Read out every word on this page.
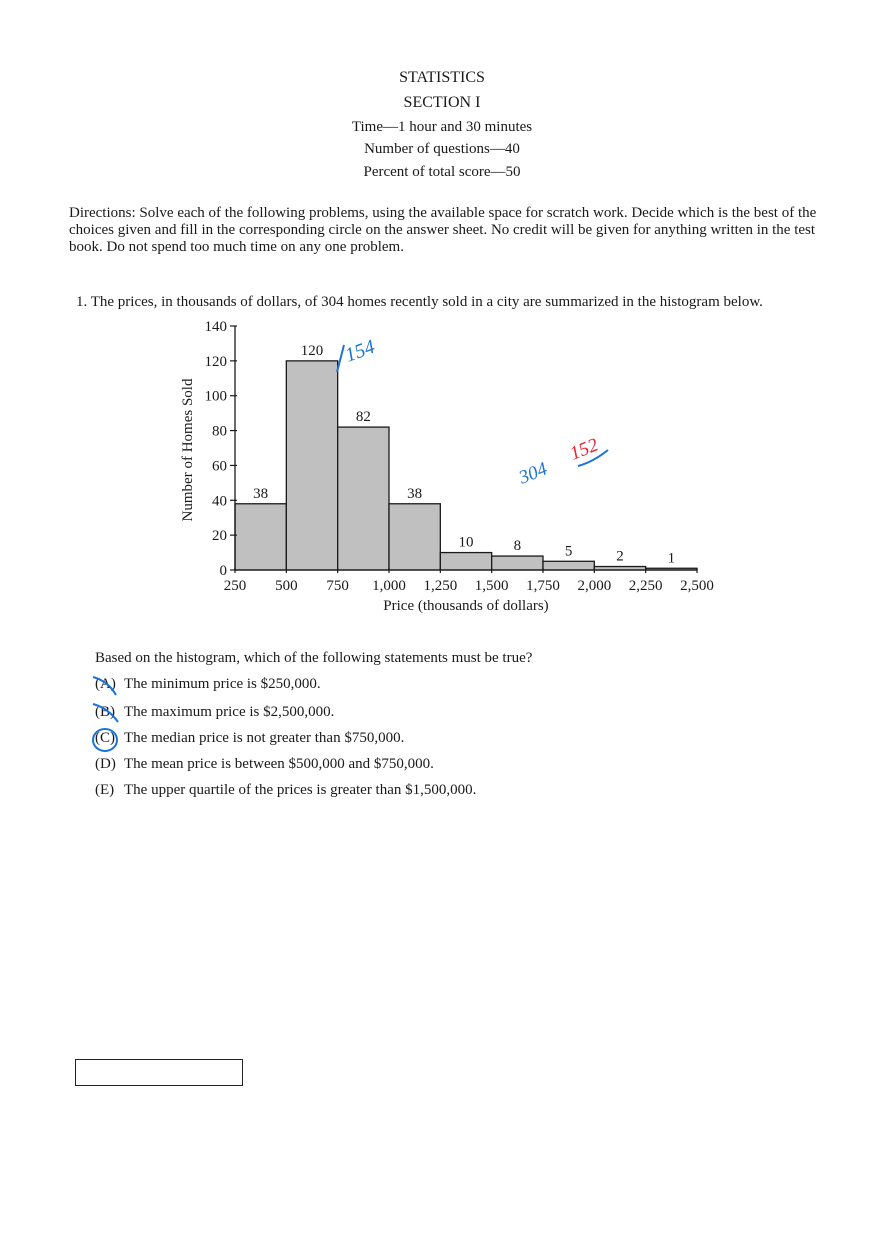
STATISTICS
SECTION I
Time—1 hour and 30 minutes
Number of questions—40
Percent of total score—50
Directions: Solve each of the following problems, using the available space for scratch work. Decide which is the best of the choices given and fill in the corresponding circle on the answer sheet. No credit will be given for anything written in the test book. Do not spend too much time on any one problem.
1. The prices, in thousands of dollars, of 304 homes recently sold in a city are summarized in the histogram below.
0
20
40
60
80
100
120
140
250 500 750 1,000 1,250 1,500 1,750 2,000 2,250 2,500
38
120
82
38
10	8	5	2	1
Price (thousands of dollars)
Number of Homes Sold
154
304
152
Based on the histogram, which of the following statements must be true?
(A) The minimum price is $250,000.
(B) The maximum price is $2,500,000.
(C) The median price is not greater than $750,000.
(D) The mean price is between $500,000 and $750,000.
(E) The upper quartile of the prices is greater than $1,500,000.
